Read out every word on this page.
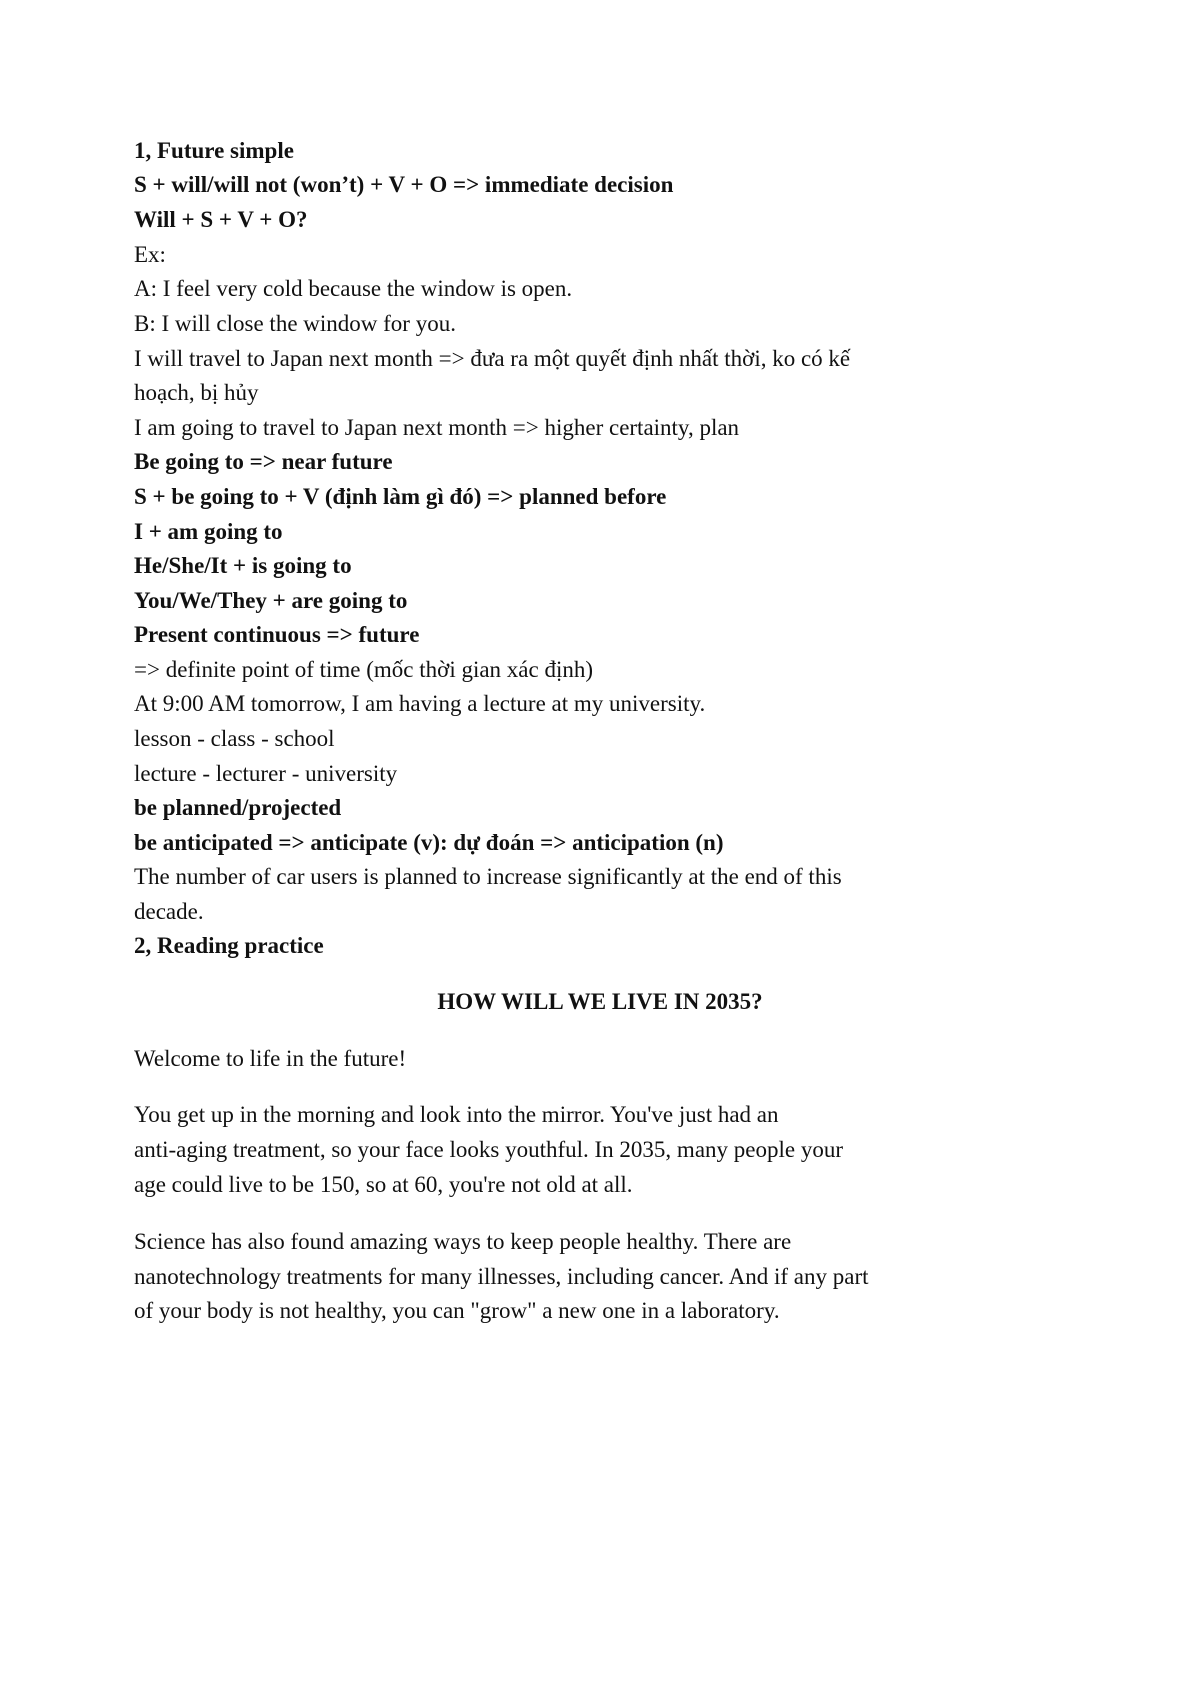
1, Future simple
S + will/will not (won’t) + V + O => immediate decision
Will + S + V + O?
Ex:
A: I feel very cold because the window is open.
B: I will close the window for you.
I will travel to Japan next month => đưa ra một quyết định nhất thời, ko có kế
hoạch, bị hủy
I am going to travel to Japan next month => higher certainty, plan
Be going to => near future
S + be going to + V (định làm gì đó) => planned before
I + am going to
He/She/It + is going to
You/We/They + are going to
Present continuous => future
=> definite point of time (mốc thời gian xác định)
At 9:00 AM tomorrow, I am having a lecture at my university.
lesson - class - school
lecture - lecturer - university
be planned/projected
be anticipated => anticipate (v): dự đoán => anticipation (n)
The number of car users is planned to increase significantly at the end of this
decade.
2, Reading practice
HOW WILL WE LIVE IN 2035?
Welcome to life in the future!
You get up in the morning and look into the mirror. You've just had an
anti-aging treatment, so your face looks youthful. In 2035, many people your
age could live to be 150, so at 60, you're not old at all.
Science has also found amazing ways to keep people healthy. There are
nanotechnology treatments for many illnesses, including cancer. And if any part
of your body is not healthy, you can "grow" a new one in a laboratory.
